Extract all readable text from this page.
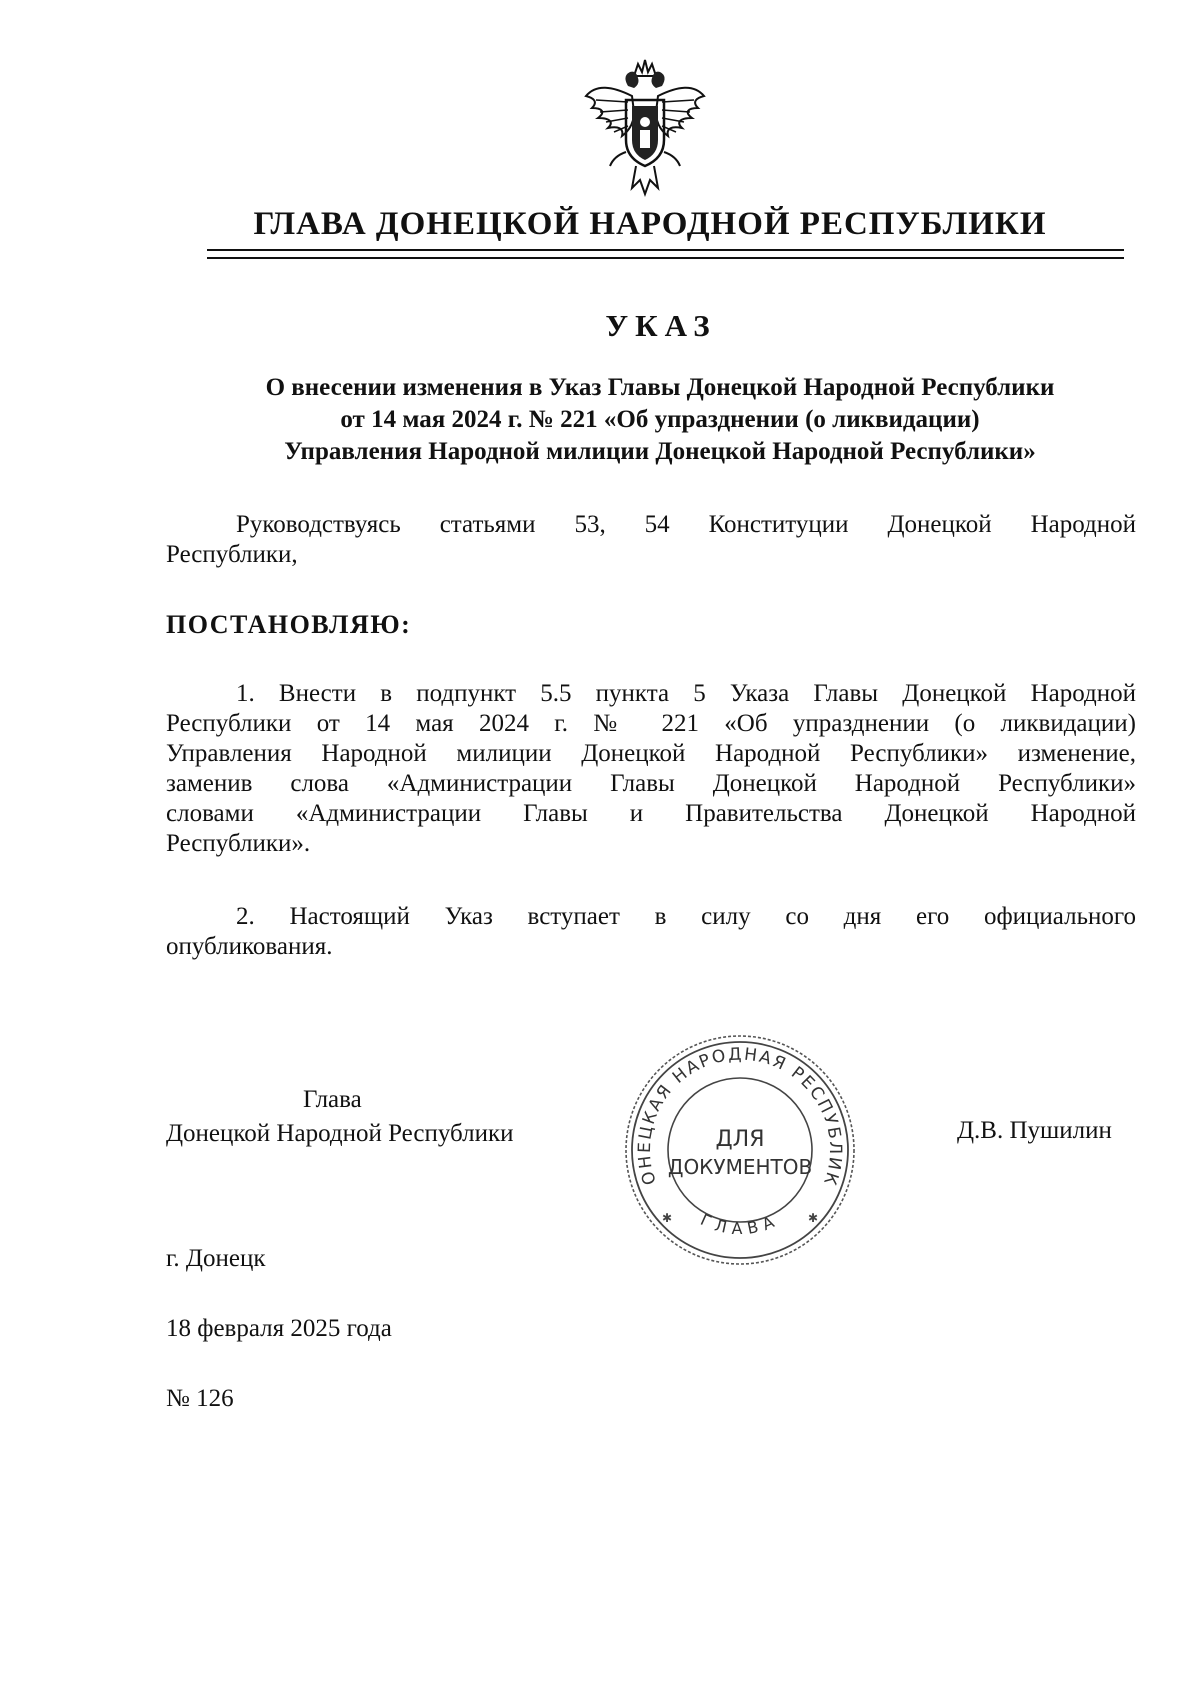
ГЛАВА ДОНЕЦКОЙ НАРОДНОЙ РЕСПУБЛИКИ
УКАЗ
О внесении изменения в Указ Главы Донецкой Народной Республики
от 14 мая 2024 г. № 221 «Об упразднении (о ликвидации)
Управления Народной милиции Донецкой Народной Республики»
Руководствуясь статьями 53, 54 Конституции Донецкой Народной
Республики,
ПОСТАНОВЛЯЮ:
1. Внести в подпункт 5.5 пункта 5 Указа Главы Донецкой Народной
Республики от 14 мая 2024 г. № 221 «Об упразднении (о ликвидации)
Управления Народной милиции Донецкой Народной Республики» изменение,
заменив слова «Администрации Главы Донецкой Народной Республики»
словами «Администрации Главы и Правительства Донецкой Народной
Республики».
2. Настоящий Указ вступает в силу со дня его официального
опубликования.
Глава
Донецкой Народной Республики
ОНЕЦКАЯ НАРОДНАЯ РЕСПУБЛИК
ГЛАВА
ДЛЯ
ДОКУМЕНТОВ
✱	✱
Д.В. Пушилин
г. Донецк
18 февраля 2025 года
№ 126
